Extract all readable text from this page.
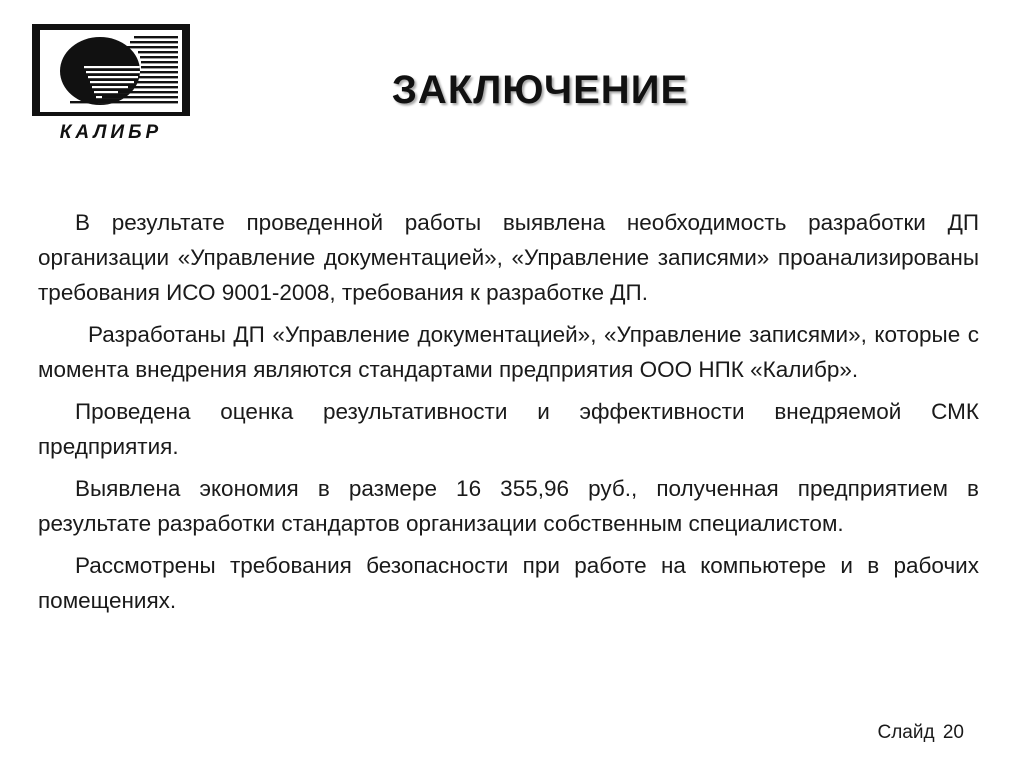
КАЛИБР
ЗАКЛЮЧЕНИЕ

В результате проведенной работы выявлена необходимость разработки ДП организации «Управление документацией», «Управление записями» проанализированы требования ИСО 9001-2008, требования к разработке ДП.

Разработаны ДП «Управление документацией», «Управление записями», которые с момента внедрения являются стандартами предприятия ООО НПК «Калибр».

Проведена оценка результативности и эффективности внедряемой СМК предприятия.

Выявлена экономия в размере 16 355,96 руб., полученная предприятием в результате разработки стандартов организации собственным специалистом.

Рассмотрены требования безопасности при работе на компьютере и в рабочих помещениях.

Слайд 20
